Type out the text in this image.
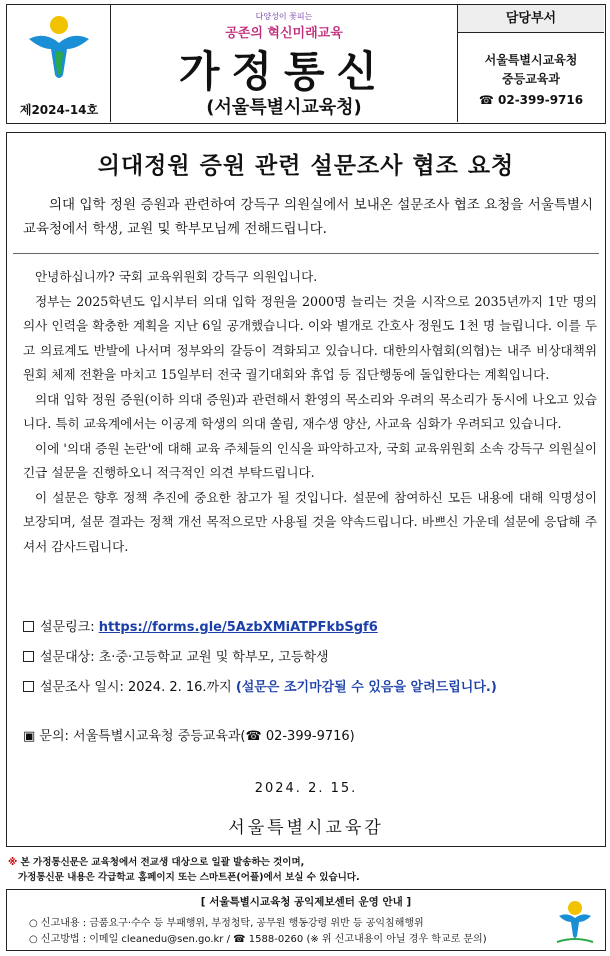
제2024-14호
다양성이 꽃피는
공존의 혁신미래교육
가정통신
(서울특별시교육청)
담당부서
서울특별시교육청
중등교육과
☎ 02-399-9716
의대정원 증원 관련 설문조사 협조 요청
의대 입학 정원 증원과 관련하여 강득구 의원실에서 보내온 설문조사 협조 요청을 서울특별시교육청에서 학생, 교원 및 학부모님께 전해드립니다.

안녕하십니까? 국회 교육위원회 강득구 의원입니다.

정부는 2025학년도 입시부터 의대 입학 정원을 2000명 늘리는 것을 시작으로 2035년까지 1만 명의 의사 인력을 확충한 계획을 지난 6일 공개했습니다. 이와 별개로 간호사 정원도 1천 명 늘립니다. 이를 두고 의료계도 반발에 나서며 정부와의 갈등이 격화되고 있습니다. 대한의사협회(의협)는 내주 비상대책위원회 체제 전환을 마치고 15일부터 전국 궐기대회와 휴업 등 집단행동에 돌입한다는 계획입니다.

의대 입학 정원 증원(이하 의대 증원)과 관련해서 환영의 목소리와 우려의 목소리가 동시에 나오고 있습니다. 특히 교육계에서는 이공계 학생의 의대 쏠림, 재수생 양산, 사교육 심화가 우려되고 있습니다.

이에 '의대 증원 논란'에 대해 교육 주체들의 인식을 파악하고자, 국회 교육위원회 소속 강득구 의원실이 긴급 설문을 진행하오니 적극적인 의견 부탁드립니다.

이 설문은 향후 정책 추진에 중요한 참고가 될 것입니다. 설문에 참여하신 모든 내용에 대해 익명성이 보장되며, 설문 결과는 정책 개선 목적으로만 사용될 것을 약속드립니다. 바쁘신 가운데 설문에 응답해 주셔서 감사드립니다.

설문링크: https://forms.gle/5AzbXMiATPFkbSgf6
설문대상: 초·중·고등학교 교원 및 학부모, 고등학생
설문조사 일시: 2024. 2. 16.까지 (설문은 조기마감될 수 있음을 알려드립니다.)
▣ 문의: 서울특별시교육청 중등교육과(☎ 02-399-9716)
2024. 2. 15.
서울특별시교육감
※ 본 가정통신문은 교육청에서 전교생 대상으로 일괄 발송하는 것이며,
가정통신문 내용은 각급학교 홈페이지 또는 스마트폰(어플)에서 보실 수 있습니다.
[ 서울특별시교육청 공익제보센터 운영 안내 ]
○ 신고내용 : 금품요구·수수 등 부패행위, 부정청탁, 공무원 행동강령 위반 등 공익침해행위
○ 신고방법 : 이메일 cleanedu@sen.go.kr / ☎ 1588-0260 (※ 위 신고내용이 아닐 경우 학교로 문의)
